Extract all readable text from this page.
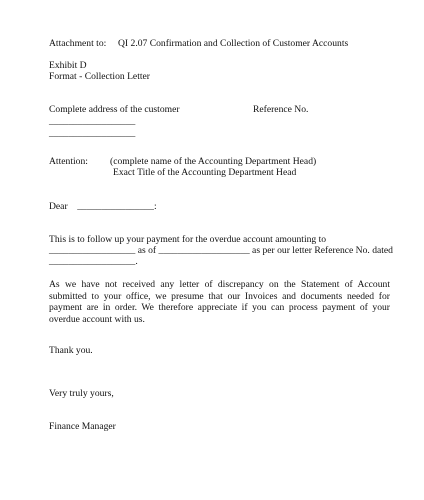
Attachment to: QI 2.07 Confirmation and Collection of Customer Accounts
Exhibit D
Format - Collection Letter
Complete address of the customer	Reference No.
__________________
__________________
Attention: (complete name of the Accounting Department Head)
Exact Title of the Accounting Department Head
Dear    ________________:
This is to follow up your payment for the overdue account amounting to
__________________ as of ___________________ as per our letter Reference No. dated
__________________.
As we have not received any letter of discrepancy on the Statement of Account submitted to your office, we presume that our Invoices and documents needed for payment are in order. We therefore appreciate if you can process payment of your overdue account with us.
Thank you.
Very truly yours,
Finance Manager
